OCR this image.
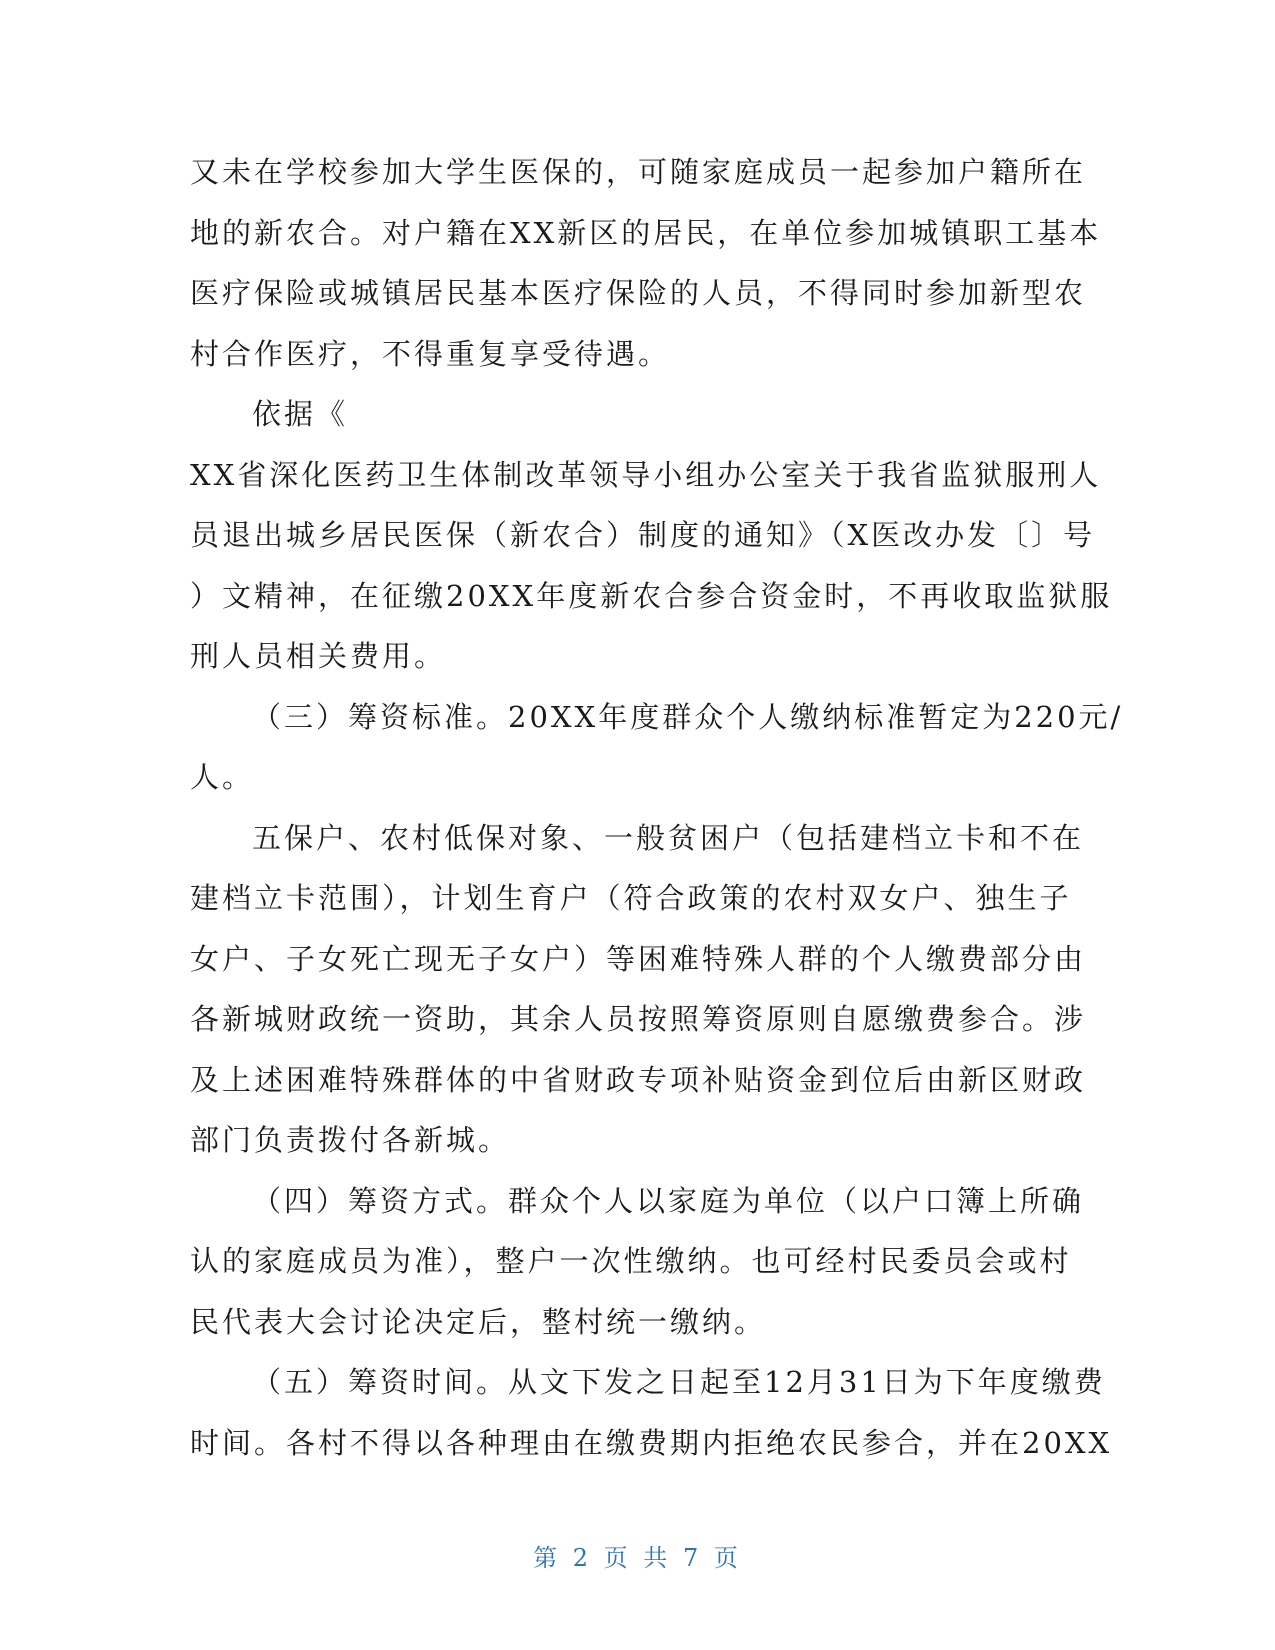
又未在学校参加大学生医保的，可随家庭成员一起参加户籍所在
地的新农合。对户籍在XX新区的居民，在单位参加城镇职工基本
医疗保险或城镇居民基本医疗保险的人员，不得同时参加新型农
村合作医疗，不得重复享受待遇。
依据《
XX省深化医药卫生体制改革领导小组办公室关于我省监狱服刑人
员退出城乡居民医保（新农合）制度的通知》（X医改办发〔〕号
）文精神，在征缴20XX年度新农合参合资金时，不再收取监狱服
刑人员相关费用。
（三）筹资标准。20XX年度群众个人缴纳标准暂定为220元/
人。
五保户、农村低保对象、一般贫困户（包括建档立卡和不在
建档立卡范围），计划生育户（符合政策的农村双女户、独生子
女户、子女死亡现无子女户）等困难特殊人群的个人缴费部分由
各新城财政统一资助，其余人员按照筹资原则自愿缴费参合。涉
及上述困难特殊群体的中省财政专项补贴资金到位后由新区财政
部门负责拨付各新城。
（四）筹资方式。群众个人以家庭为单位（以户口簿上所确
认的家庭成员为准），整户一次性缴纳。也可经村民委员会或村
民代表大会讨论决定后，整村统一缴纳。
（五）筹资时间。从文下发之日起至12月31日为下年度缴费
时间。各村不得以各种理由在缴费期内拒绝农民参合，并在20XX
第 2 页 共 7 页
